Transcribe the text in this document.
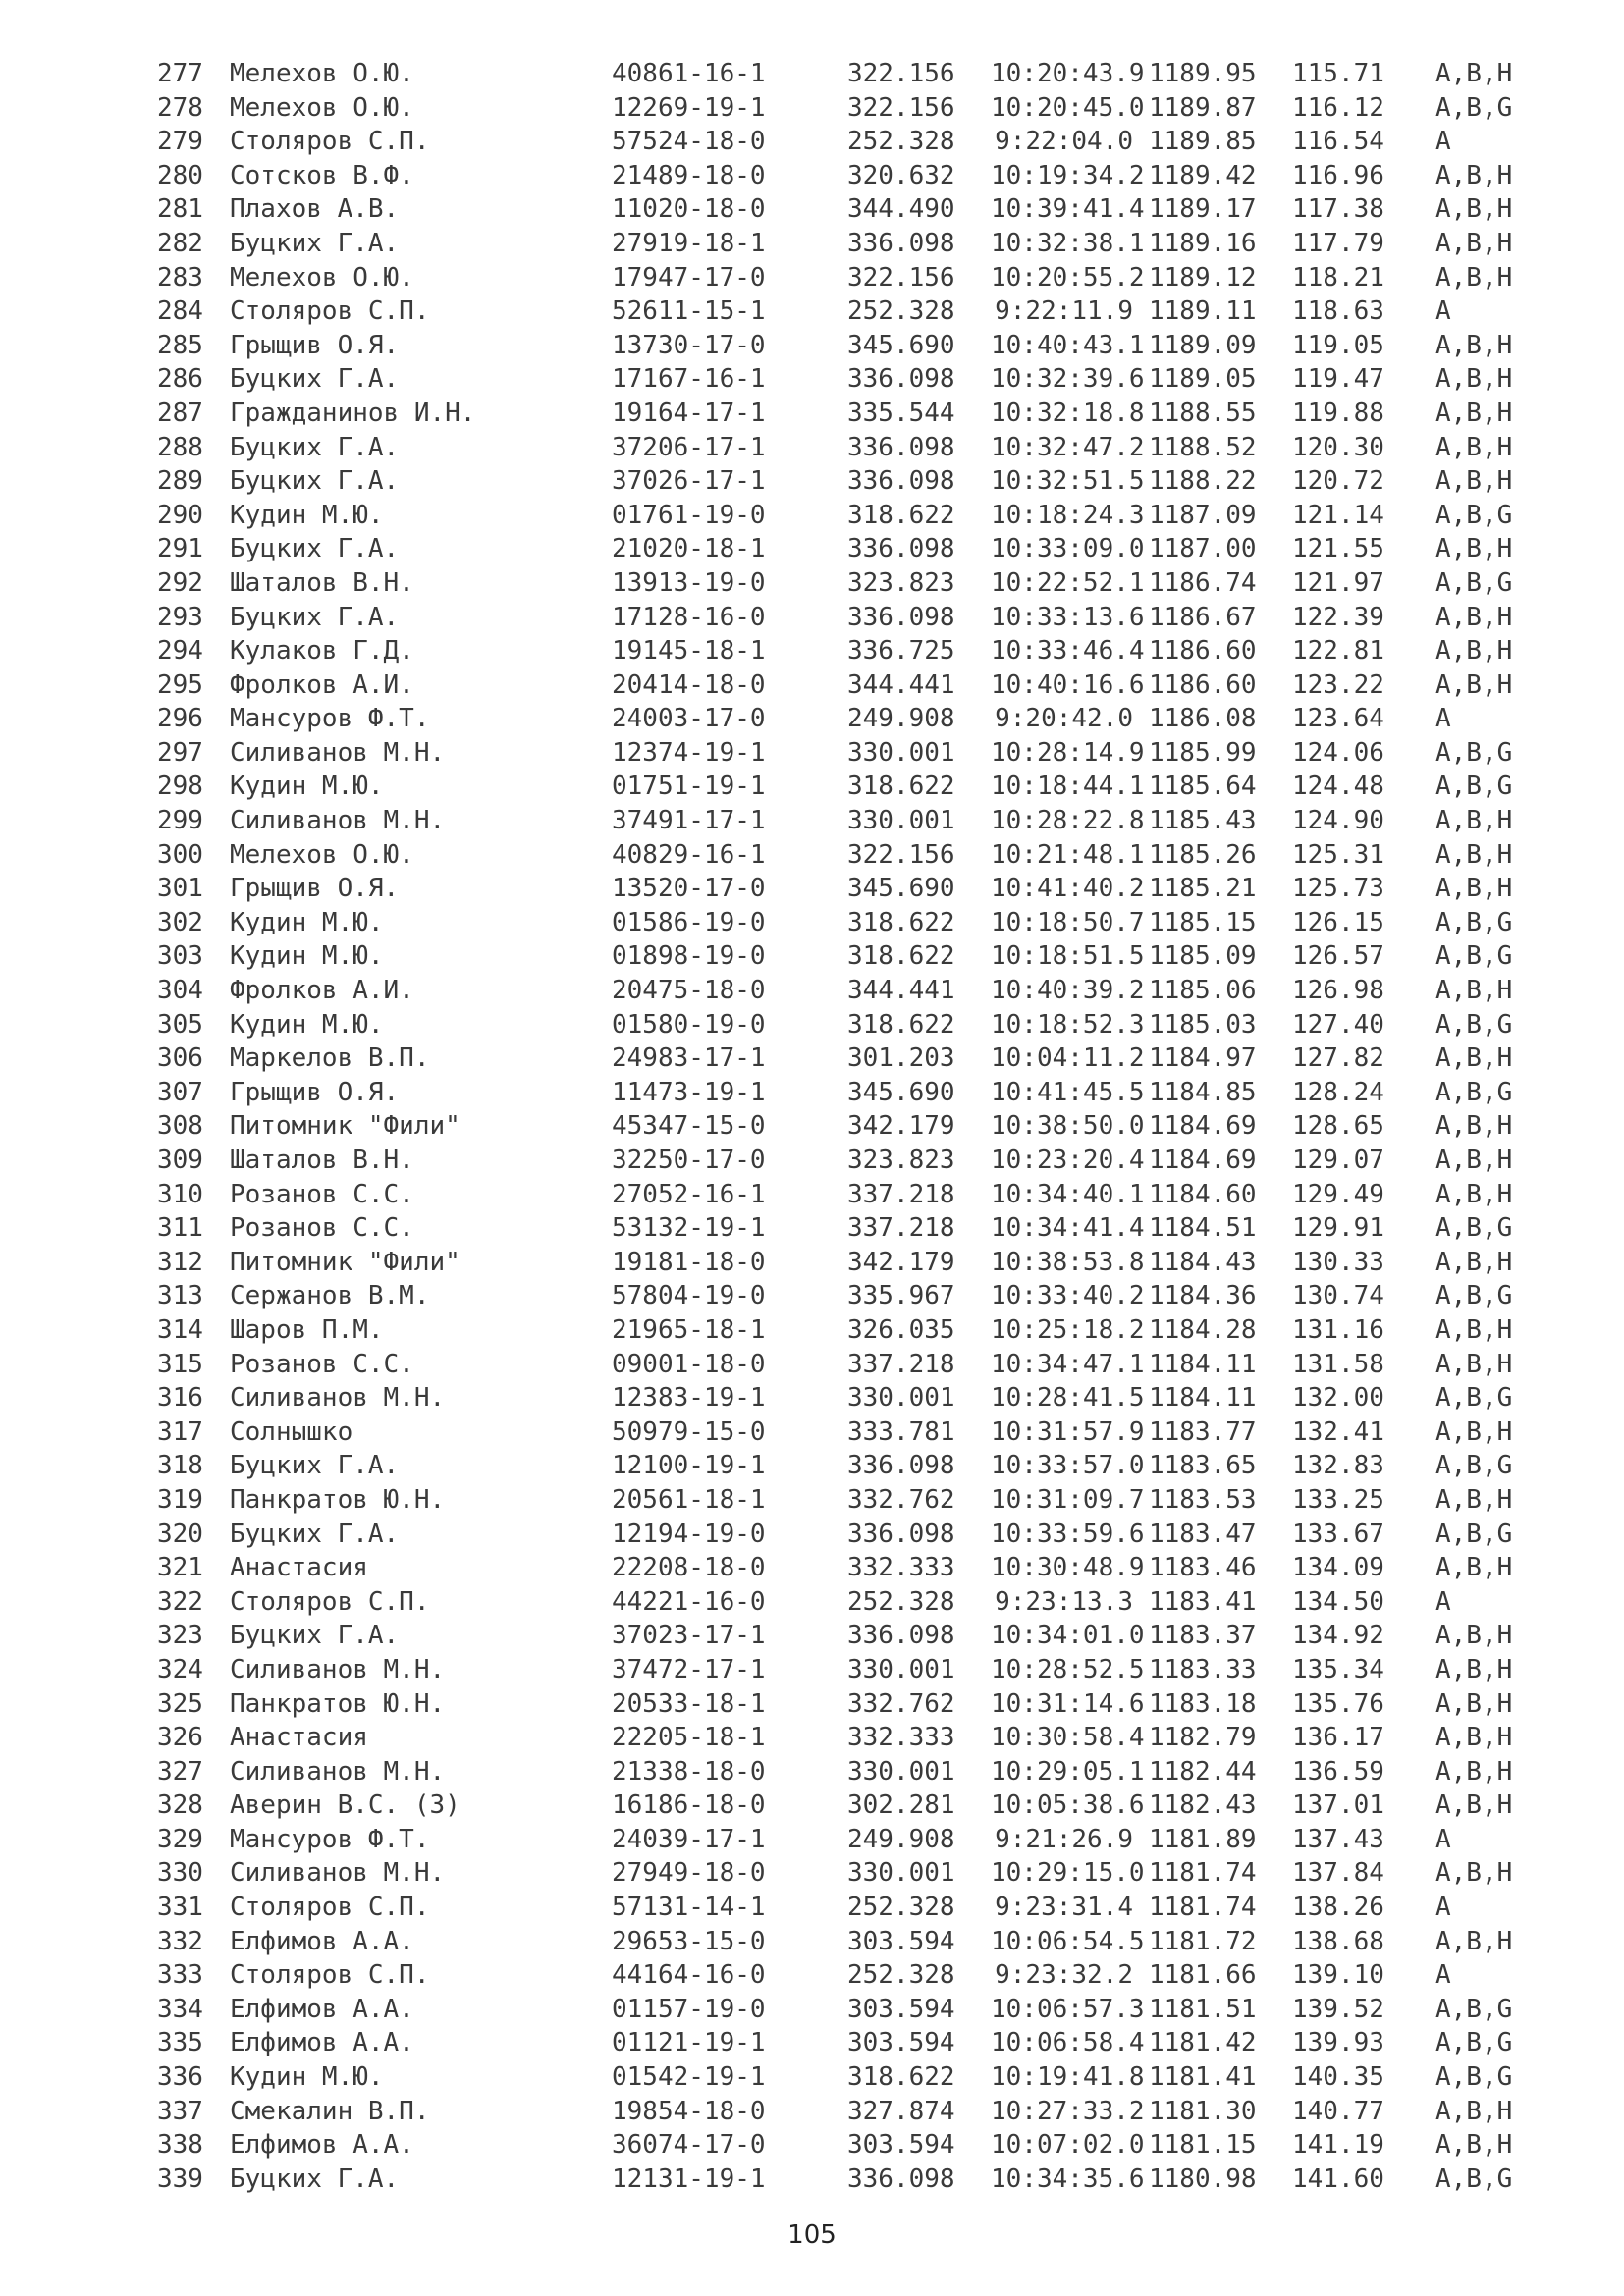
277 Мелехов О.Ю.	40861-16-1	322.156 10:20:43.9 1189.95 115.71 A,B,H
278 Мелехов О.Ю.	12269-19-1	322.156 10:20:45.0 1189.87 116.12 A,B,G
279 Столяров С.П.	57524-18-0	252.328 9:22:04.0 1189.85 116.54 A
280 Сотсков В.Ф.	21489-18-0	320.632 10:19:34.2 1189.42 116.96 A,B,H
281 Плахов А.В.	11020-18-0	344.490 10:39:41.4 1189.17 117.38 A,B,H
282 Буцких Г.А.	27919-18-1	336.098 10:32:38.1 1189.16 117.79 A,B,H
283 Мелехов О.Ю.	17947-17-0	322.156 10:20:55.2 1189.12 118.21 A,B,H
284 Столяров С.П.	52611-15-1	252.328 9:22:11.9 1189.11 118.63 A
285 Грыщив О.Я.	13730-17-0	345.690 10:40:43.1 1189.09 119.05 A,B,H
286 Буцких Г.А.	17167-16-1	336.098 10:32:39.6 1189.05 119.47 A,B,H
287 Гражданинов И.Н.	19164-17-1	335.544 10:32:18.8 1188.55 119.88 A,B,H
288 Буцких Г.А.	37206-17-1	336.098 10:32:47.2 1188.52 120.30 A,B,H
289 Буцких Г.А.	37026-17-1	336.098 10:32:51.5 1188.22 120.72 A,B,H
290 Кудин М.Ю.	01761-19-0	318.622 10:18:24.3 1187.09 121.14 A,B,G
291 Буцких Г.А.	21020-18-1	336.098 10:33:09.0 1187.00 121.55 A,B,H
292 Шаталов В.Н.	13913-19-0	323.823 10:22:52.1 1186.74 121.97 A,B,G
293 Буцких Г.А.	17128-16-0	336.098 10:33:13.6 1186.67 122.39 A,B,H
294 Кулаков Г.Д.	19145-18-1	336.725 10:33:46.4 1186.60 122.81 A,B,H
295 Фролков А.И.	20414-18-0	344.441 10:40:16.6 1186.60 123.22 A,B,H
296 Мансуров Ф.Т.	24003-17-0	249.908 9:20:42.0 1186.08 123.64 A
297 Силиванов М.Н.	12374-19-1	330.001 10:28:14.9 1185.99 124.06 A,B,G
298 Кудин М.Ю.	01751-19-1	318.622 10:18:44.1 1185.64 124.48 A,B,G
299 Силиванов М.Н.	37491-17-1	330.001 10:28:22.8 1185.43 124.90 A,B,H
300 Мелехов О.Ю.	40829-16-1	322.156 10:21:48.1 1185.26 125.31 A,B,H
301 Грыщив О.Я.	13520-17-0	345.690 10:41:40.2 1185.21 125.73 A,B,H
302 Кудин М.Ю.	01586-19-0	318.622 10:18:50.7 1185.15 126.15 A,B,G
303 Кудин М.Ю.	01898-19-0	318.622 10:18:51.5 1185.09 126.57 A,B,G
304 Фролков А.И.	20475-18-0	344.441 10:40:39.2 1185.06 126.98 A,B,H
305 Кудин М.Ю.	01580-19-0	318.622 10:18:52.3 1185.03 127.40 A,B,G
306 Маркелов В.П.	24983-17-1	301.203 10:04:11.2 1184.97 127.82 A,B,H
307 Грыщив О.Я.	11473-19-1	345.690 10:41:45.5 1184.85 128.24 A,B,G
308 Питомник "Фили"	45347-15-0	342.179 10:38:50.0 1184.69 128.65 A,B,H
309 Шаталов В.Н.	32250-17-0	323.823 10:23:20.4 1184.69 129.07 A,B,H
310 Розанов С.С.	27052-16-1	337.218 10:34:40.1 1184.60 129.49 A,B,H
311 Розанов С.С.	53132-19-1	337.218 10:34:41.4 1184.51 129.91 A,B,G
312 Питомник "Фили"	19181-18-0	342.179 10:38:53.8 1184.43 130.33 A,B,H
313 Сержанов В.М.	57804-19-0	335.967 10:33:40.2 1184.36 130.74 A,B,G
314 Шаров П.М.	21965-18-1	326.035 10:25:18.2 1184.28 131.16 A,B,H
315 Розанов С.С.	09001-18-0	337.218 10:34:47.1 1184.11 131.58 A,B,H
316 Силиванов М.Н.	12383-19-1	330.001 10:28:41.5 1184.11 132.00 A,B,G
317 Солнышко	50979-15-0	333.781 10:31:57.9 1183.77 132.41 A,B,H
318 Буцких Г.А.	12100-19-1	336.098 10:33:57.0 1183.65 132.83 A,B,G
319 Панкратов Ю.Н.	20561-18-1	332.762 10:31:09.7 1183.53 133.25 A,B,H
320 Буцких Г.А.	12194-19-0	336.098 10:33:59.6 1183.47 133.67 A,B,G
321 Анастасия	22208-18-0	332.333 10:30:48.9 1183.46 134.09 A,B,H
322 Столяров С.П.	44221-16-0	252.328 9:23:13.3 1183.41 134.50 A
323 Буцких Г.А.	37023-17-1	336.098 10:34:01.0 1183.37 134.92 A,B,H
324 Силиванов М.Н.	37472-17-1	330.001 10:28:52.5 1183.33 135.34 A,B,H
325 Панкратов Ю.Н.	20533-18-1	332.762 10:31:14.6 1183.18 135.76 A,B,H
326 Анастасия	22205-18-1	332.333 10:30:58.4 1182.79 136.17 A,B,H
327 Силиванов М.Н.	21338-18-0	330.001 10:29:05.1 1182.44 136.59 A,B,H
328 Аверин В.С. (З)	16186-18-0	302.281 10:05:38.6 1182.43 137.01 A,B,H
329 Мансуров Ф.Т.	24039-17-1	249.908 9:21:26.9 1181.89 137.43 A
330 Силиванов М.Н.	27949-18-0	330.001 10:29:15.0 1181.74 137.84 A,B,H
331 Столяров С.П.	57131-14-1	252.328 9:23:31.4 1181.74 138.26 A
332 Елфимов А.А.	29653-15-0	303.594 10:06:54.5 1181.72 138.68 A,B,H
333 Столяров С.П.	44164-16-0	252.328 9:23:32.2 1181.66 139.10 A
334 Елфимов А.А.	01157-19-0	303.594 10:06:57.3 1181.51 139.52 A,B,G
335 Елфимов А.А.	01121-19-1	303.594 10:06:58.4 1181.42 139.93 A,B,G
336 Кудин М.Ю.	01542-19-1	318.622 10:19:41.8 1181.41 140.35 A,B,G
337 Смекалин В.П.	19854-18-0	327.874 10:27:33.2 1181.30 140.77 A,B,H
338 Елфимов А.А.	36074-17-0	303.594 10:07:02.0 1181.15 141.19 A,B,H
339 Буцких Г.А.	12131-19-1	336.098 10:34:35.6 1180.98 141.60 A,B,G
105
